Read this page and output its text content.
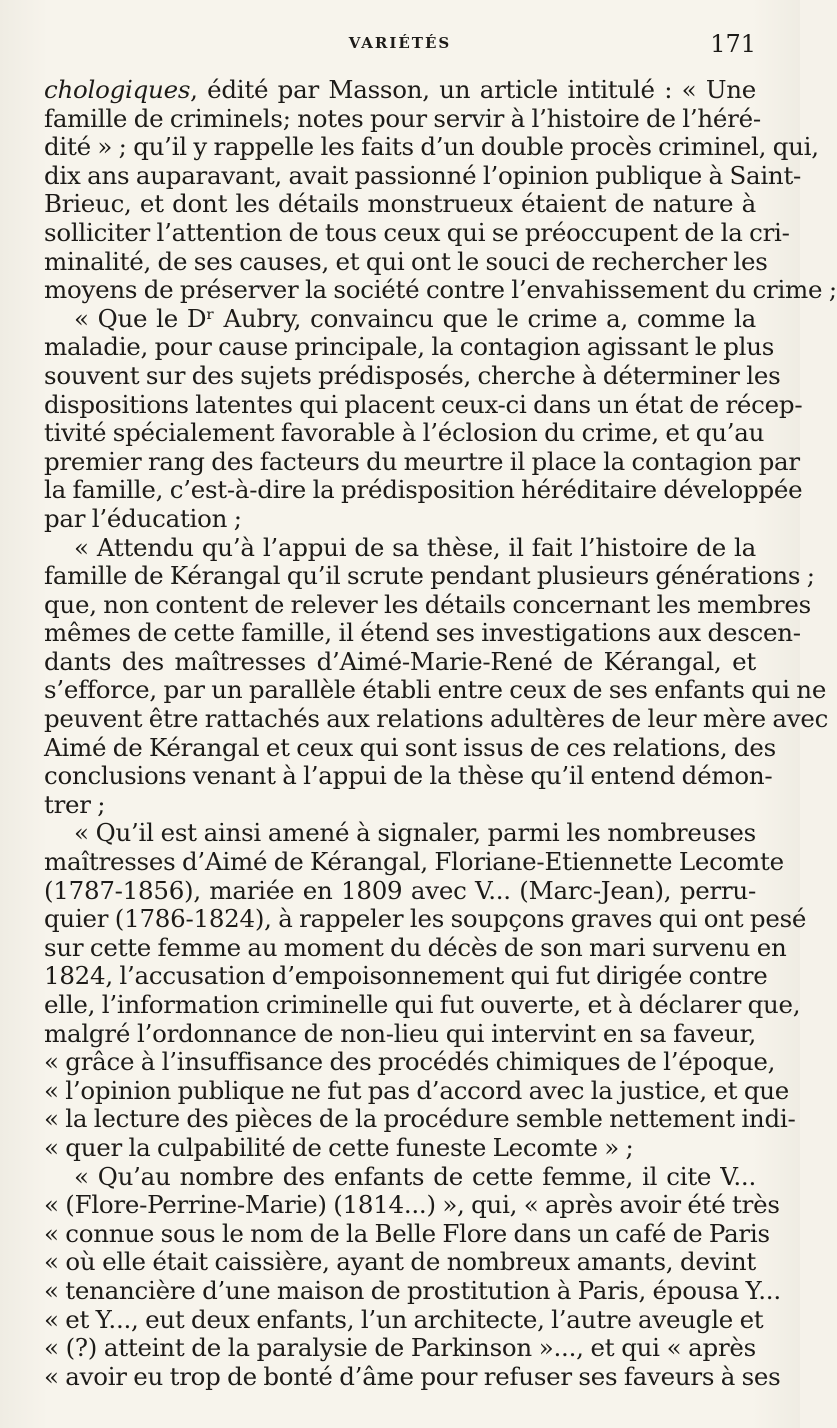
VARIÉTÉS	171

chologiques, édité par Masson, un article intitulé : « Une
famille de criminels; notes pour servir à l’histoire de l’héré-
dité » ; qu’il y rappelle les faits d’un double procès criminel, qui,
dix ans auparavant, avait passionné l’opinion publique à Saint-
Brieuc, et dont les détails monstrueux étaient de nature à
solliciter l’attention de tous ceux qui se préoccupent de la cri-
minalité, de ses causes, et qui ont le souci de rechercher les
moyens de préserver la société contre l’envahissement du crime ;

« Que le Dʳ Aubry, convaincu que le crime a, comme la
maladie, pour cause principale, la contagion agissant le plus
souvent sur des sujets prédisposés, cherche à déterminer les
dispositions latentes qui placent ceux-ci dans un état de récep-
tivité spécialement favorable à l’éclosion du crime, et qu’au
premier rang des facteurs du meurtre il place la contagion par
la famille, c’est-à-dire la prédisposition héréditaire développée
par l’éducation ;

« Attendu qu’à l’appui de sa thèse, il fait l’histoire de la
famille de Kérangal qu’il scrute pendant plusieurs générations ;
que, non content de relever les détails concernant les membres
mêmes de cette famille, il étend ses investigations aux descen-
dants des maîtresses d’Aimé-Marie-René de Kérangal, et
s’efforce, par un parallèle établi entre ceux de ses enfants qui ne
peuvent être rattachés aux relations adultères de leur mère avec
Aimé de Kérangal et ceux qui sont issus de ces relations, des
conclusions venant à l’appui de la thèse qu’il entend démon-
trer ;

« Qu’il est ainsi amené à signaler, parmi les nombreuses
maîtresses d’Aimé de Kérangal, Floriane-Etiennette Lecomte
(1787-1856), mariée en 1809 avec V... (Marc-Jean), perru-
quier (1786-1824), à rappeler les soupçons graves qui ont pesé
sur cette femme au moment du décès de son mari survenu en
1824, l’accusation d’empoisonnement qui fut dirigée contre
elle, l’information criminelle qui fut ouverte, et à déclarer que,
malgré l’ordonnance de non-lieu qui intervint en sa faveur,
« grâce à l’insuffisance des procédés chimiques de l’époque,
« l’opinion publique ne fut pas d’accord avec la justice, et que
« la lecture des pièces de la procédure semble nettement indi-
« quer la culpabilité de cette funeste Lecomte » ;

« Qu’au nombre des enfants de cette femme, il cite V...
« (Flore-Perrine-Marie) (1814...) », qui, « après avoir été très
« connue sous le nom de la Belle Flore dans un café de Paris
« où elle était caissière, ayant de nombreux amants, devint
« tenancière d’une maison de prostitution à Paris, épousa Y...
« et Y..., eut deux enfants, l’un architecte, l’autre aveugle et
« (?) atteint de la paralysie de Parkinson »..., et qui « après
« avoir eu trop de bonté d’âme pour refuser ses faveurs à ses
